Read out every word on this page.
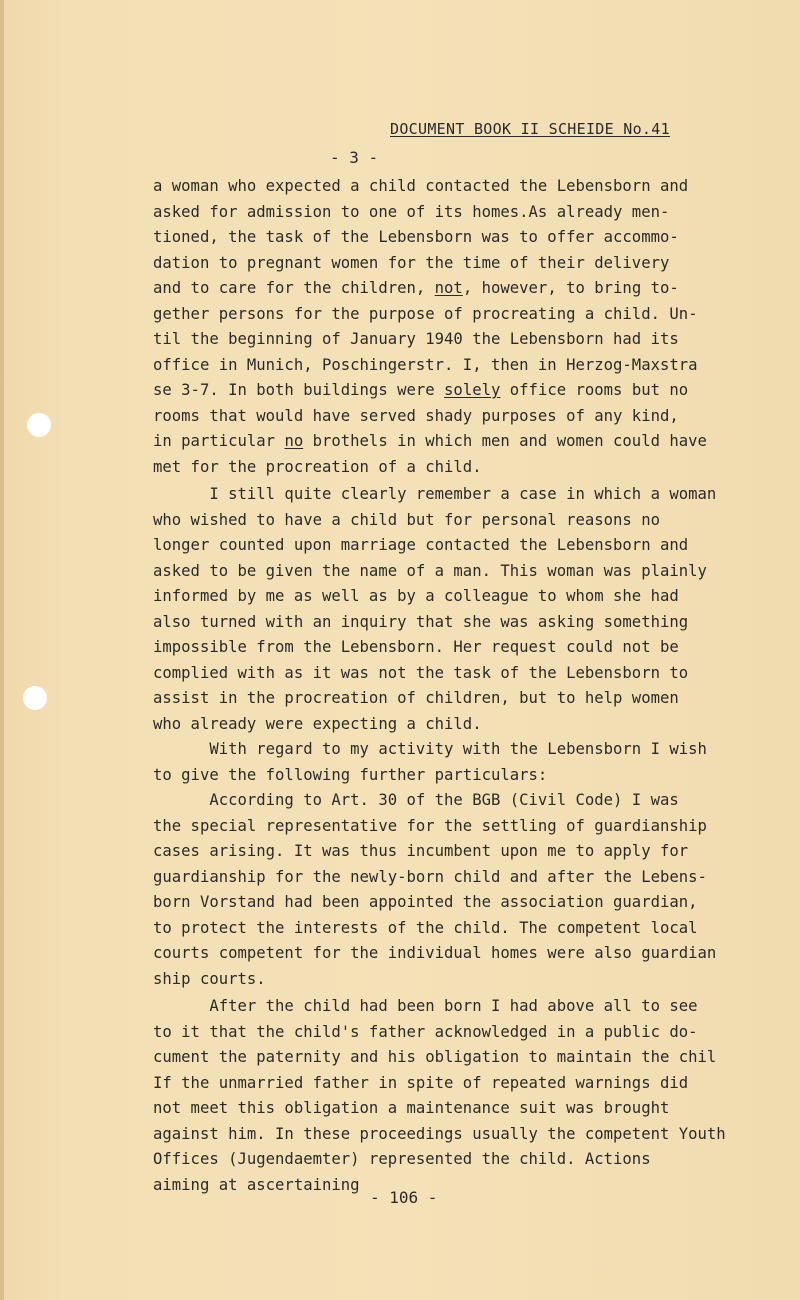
DOCUMENT BOOK II SCHEIDE No.41
- 3 -
a woman who expected a child contacted the Lebensborn and
asked for admission to one of its homes.As already men-
tioned, the task of the Lebensborn was to offer accommo-
dation to pregnant women for the time of their delivery
and to care for the children, not, however, to bring to-
gether persons for the purpose of procreating a child. Un-
til the beginning of January 1940 the Lebensborn had its
office in Munich, Poschingerstr. I, then in Herzog-Maxstra
se 3-7. In both buildings were solely office rooms but no
rooms that would have served shady purposes of any kind,
in particular no brothels in which men and women could have
met for the procreation of a child.
I still quite clearly remember a case in which a woman
who wished to have a child but for personal reasons no
longer counted upon marriage contacted the Lebensborn and
asked to be given the name of a man. This woman was plainly
informed by me as well as by a colleague to whom she had
also turned with an inquiry that she was asking something
impossible from the Lebensborn. Her request could not be
complied with as it was not the task of the Lebensborn to
assist in the procreation of children, but to help women
who already were expecting a child.
With regard to my activity with the Lebensborn I wish
to give the following further particulars:
According to Art. 30 of the BGB (Civil Code) I was
the special representative for the settling of guardianship
cases arising. It was thus incumbent upon me to apply for
guardianship for the newly-born child and after the Lebens-
born Vorstand had been appointed the association guardian,
to protect the interests of the child. The competent local
courts competent for the individual homes were also guardian
ship courts.
After the child had been born I had above all to see
to it that the child's father acknowledged in a public do-
cument the paternity and his obligation to maintain the chil
If the unmarried father in spite of repeated warnings did
not meet this obligation a maintenance suit was brought
against him. In these proceedings usually the competent Youth
Offices (Jugendaemter) represented the child. Actions
aiming at ascertaining
- 106 -
